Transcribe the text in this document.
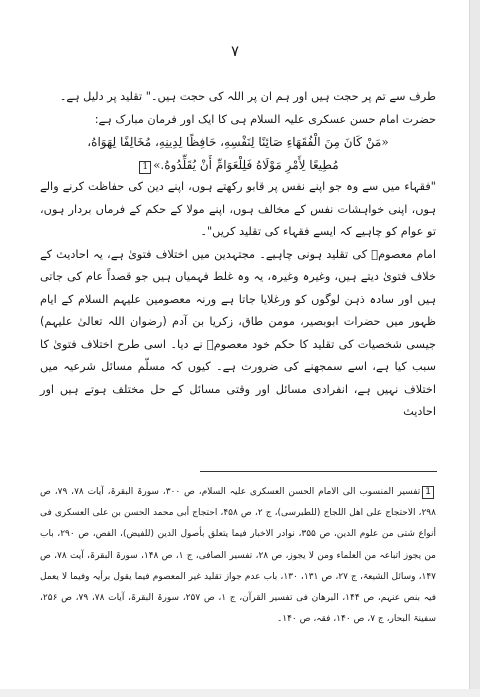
۷

طرف سے تم پر حجت ہیں اور ہم ان پر اللہ کی حجت ہیں۔" تقلید پر دلیل ہے۔

حضرت امام حسن عسکری علیہ السلام ہی کا ایک اور فرمان مبارک ہے:

«مَنْ كَانَ مِنَ الْفُقَهَاءِ صَائِنًا لِنَفْسِهِ، حَافِظًا لِدِينِهِ، مُخَالِفًا لِهَوَاهُ،

مُطِيعًا لِأَمْرِ مَوْلَاهُ فَلِلْعَوَامِّ أَنْ يُقَلِّدُوهُ.»1

"فقہاء میں سے وہ جو اپنے نفس پر قابو رکھتے ہوں، اپنے دین کی حفاظت کرنے والے ہوں، اپنی خواہشات نفس کے مخالف ہوں، اپنے مولا کے حکم کے فرماں بردار ہوں، تو عوام کو چاہیے کہ ایسے فقہاء کی تقلید کریں"۔

امام معصومؑ کی تقلید ہونی چاہیے۔ مجتہدین میں اختلاف فتویٰ ہے، یہ احادیث کے خلاف فتویٰ دیتے ہیں، وغیرہ وغیرہ، یہ وہ غلط فہمیاں ہیں جو قصداً عام کی جاتی ہیں اور سادہ ذہن لوگوں کو ورغلایا جاتا ہے ورنہ معصومین علیہم السلام کے ایام ظہور میں حضرات ابوبصیر، مومن طاق، زکریا بن آدم (رضوان اللہ تعالیٰ علیہم) جیسی شخصیات کی تقلید کا حکم خود معصومؑ نے دیا۔ اسی طرح اختلاف فتویٰ کا سبب کیا ہے، اسے سمجھنے کی ضرورت ہے۔ کیوں کہ مسلّم مسائل شرعیہ میں اختلاف نہیں ہے، انفرادی مسائل اور وقتی مسائل کے حل مختلف ہوتے ہیں اور احادیث

1تفسیر المنسوب الی الامام الحسن العسکری علیہ السلام، ص ۳۰۰، سورۃ البقرۃ، آیات ۷۸، ۷۹، ص ۲۹۸، الاحتجاج علی اھل اللجاج (للطبرسی)، ج ۲، ص ۴۵۸، احتجاج أبی محمد الحسن بن علی العسکری فی أنواع شتی من علوم الدین، ص ۳۵۵، نوادر الاخبار فیما یتعلق بأصول الدین (للفیض)، الفص، ص ۲۹۰، باب من یجوز اتباعہ من العلماء ومن لا یجوز، ص ۲۸، تفسیر الصافی، ج ۱، ص ۱۴۸، سورۃ البقرۃ، آیت ۷۸، ص ۱۴۷، وسائل الشیعۃ، ج ۲۷، ص ۱۳۱، ۱۳۰، باب عدم جواز تقلید غیر المعصوم فیما یقول برأیہ وفیما لا یعمل فیہ بنص عنہم، ص ۱۴۴، البرھان فی تفسیر القرآن، ج ۱، ص ۲۵۷، سورۃ البقرۃ، آیات ۷۸، ۷۹، ص ۲۵۶، سفینۃ البحار، ج ۷، ص ۱۴۰، فقہ، ص ۱۴۰۔
